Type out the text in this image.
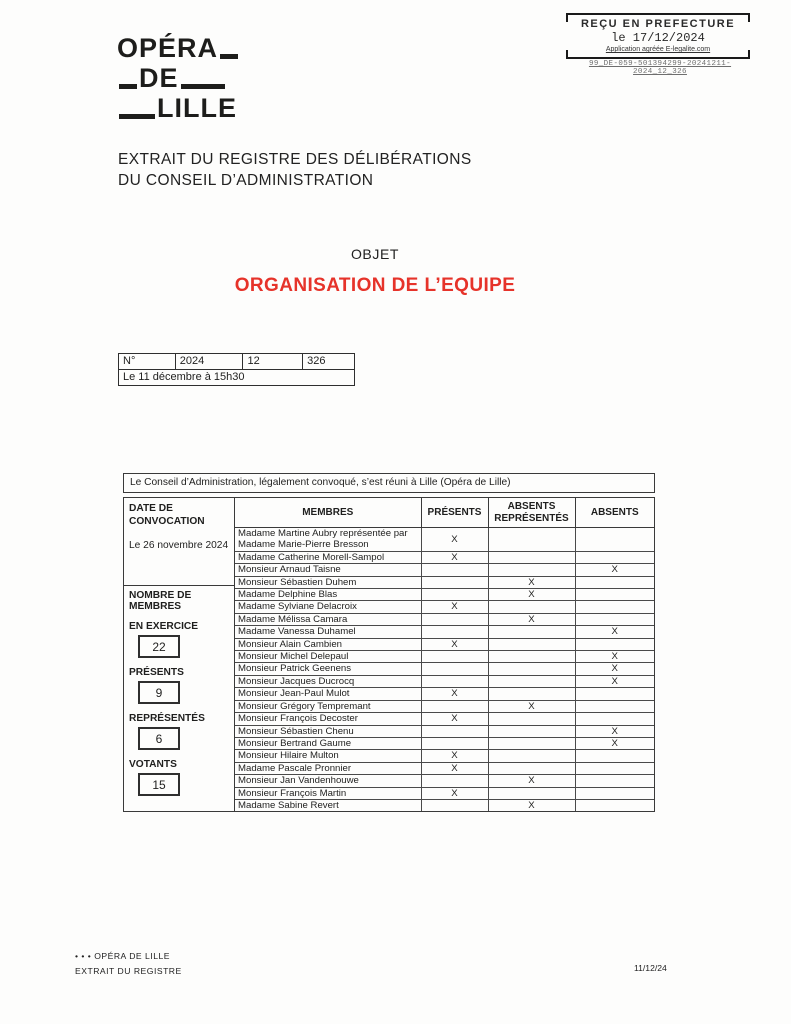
OPÉRA
DE
LILLE
REÇU EN PREFECTURE
le 17/12/2024
Application agréée E-legalite.com
99_DE-059-501394299-20241211-2024_12_326
EXTRAIT DU REGISTRE DES DÉLIBÉRATIONS
DU CONSEIL D’ADMINISTRATION
OBJET
ORGANISATION DE L’EQUIPE
N°	2024	12	326
Le 11 décembre à 15h30
Le Conseil d’Administration, légalement convoqué, s’est réuni à Lille (Opéra de Lille)
DATE DE CONVOCATION
Le 26 novembre 2024
NOMBRE DE MEMBRES
EN EXERCICE
22
PRÉSENTS
9
REPRÉSENTÉS
6
VOTANTS
15
MEMBRES	PRÉSENTS	ABSENTS REPRÉSENTÉS	ABSENTS
Madame Martine Aubry représentée par Madame Marie-Pierre Bresson	X		
Madame Catherine Morell-Sampol	X		
Monsieur Arnaud Taisne			X
Monsieur Sébastien Duhem		X	
Madame Delphine Blas		X	
Madame Sylviane Delacroix	X		
Madame Mélissa Camara		X	
Madame Vanessa Duhamel			X
Monsieur Alain Cambien	X		
Monsieur Michel Delepaul			X
Monsieur Patrick Geenens			X
Monsieur Jacques Ducrocq			X
Monsieur Jean-Paul Mulot	X		
Monsieur Grégory Tempremant		X	
Monsieur François Decoster	X		
Monsieur Sébastien Chenu			X
Monsieur Bertrand Gaume			X
Monsieur Hilaire Multon	X		
Madame Pascale Pronnier	X		
Monsieur Jan Vandenhouwe		X	
Monsieur François Martin	X		
Madame Sabine Revert		X	
• • • OPÉRA DE LILLE
EXTRAIT DU REGISTRE	11/12/24
